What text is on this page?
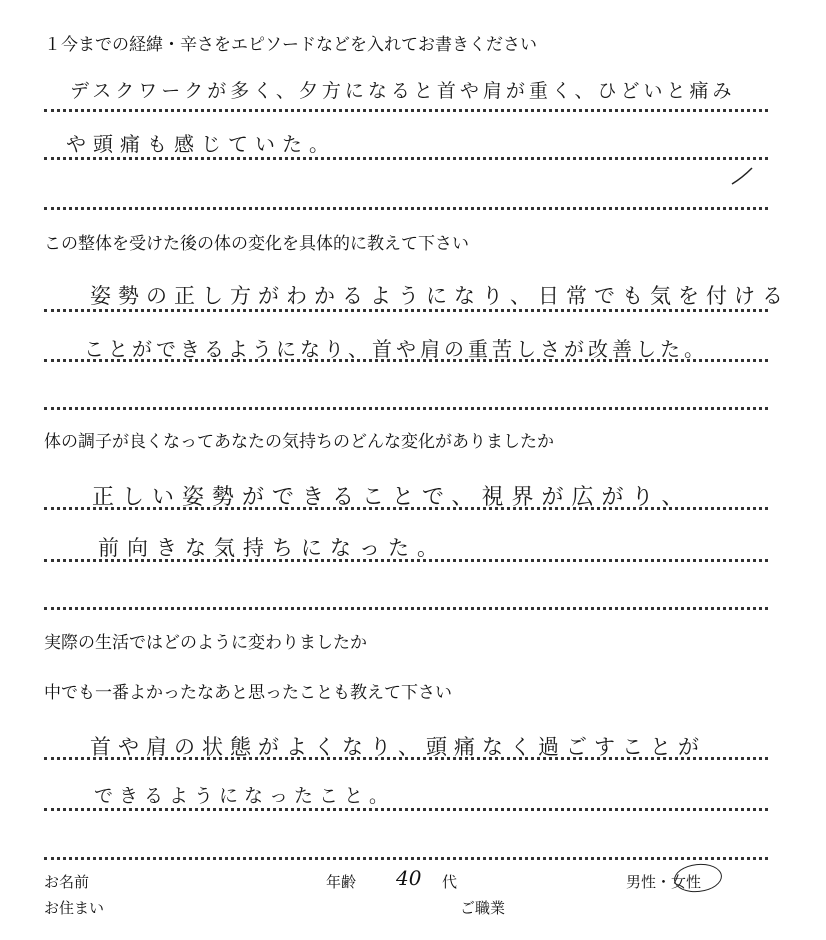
１今までの経緯・辛さをエピソードなどを入れてお書きください
デスクワークが多く、夕方になると首や肩が重く、ひどいと痛み
や頭痛も感じていた。
この整体を受けた後の体の変化を具体的に教えて下さい
姿勢の正し方がわかるようになり、日常でも気を付ける
ことができるようになり、首や肩の重苦しさが改善した。
体の調子が良くなってあなたの気持ちのどんな変化がありましたか
正しい姿勢ができることで、視界が広がり、
前向きな気持ちになった。
実際の生活ではどのように変わりましたか
中でも一番よかったなあと思ったことも教えて下さい
首や肩の状態がよくなり、頭痛なく過ごすことが
できるようになったこと。
お名前
お住まい
年齢 40 代
ご職業
男性・女性
